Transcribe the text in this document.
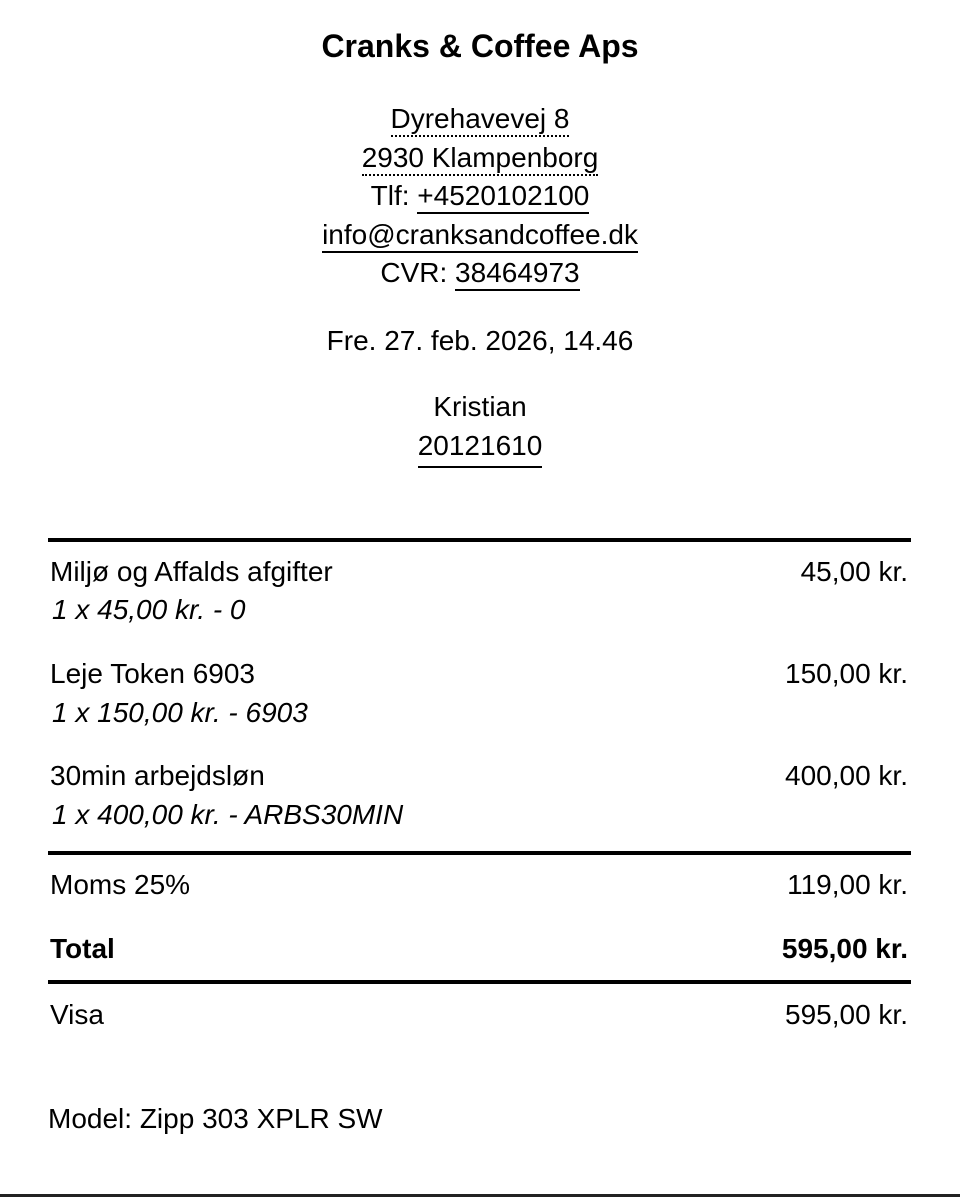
Cranks & Coffee Aps
Dyrehavevej 8
2930 Klampenborg
Tlf: +4520102100
info@cranksandcoffee.dk
CVR: 38464973
Fre. 27. feb. 2026, 14.46
Kristian
20121610
Miljø og Affalds afgifter	45,00 kr.
1 x 45,00 kr. - 0
Leje Token 6903	150,00 kr.
1 x 150,00 kr. - 6903
30min arbejdsløn	400,00 kr.
1 x 400,00 kr. - ARBS30MIN
Moms 25%	119,00 kr.
Total	595,00 kr.
Visa	595,00 kr.
Model: Zipp 303 XPLR SW
